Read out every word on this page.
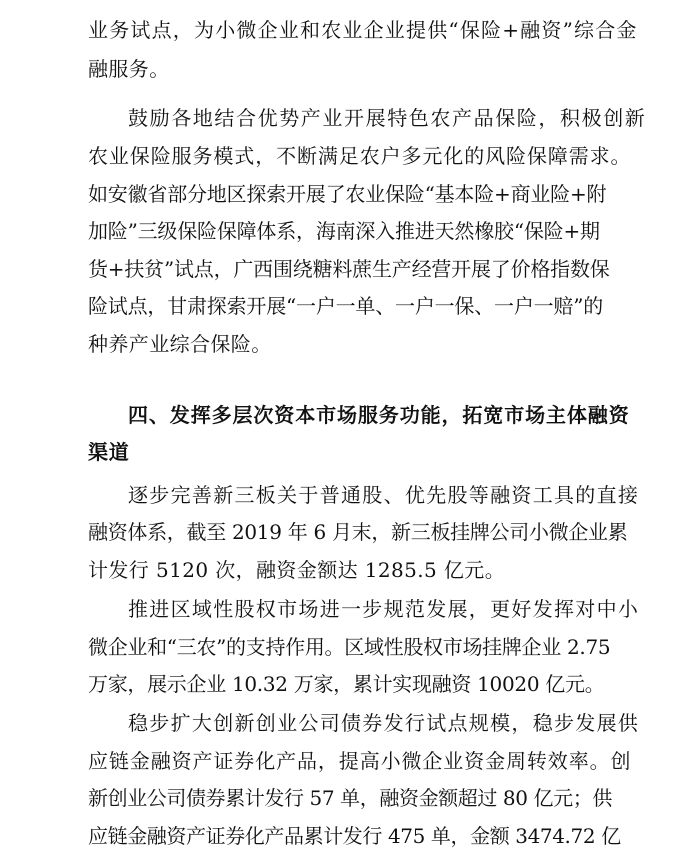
业务试点，为小微企业和农业企业提供“保险+融资”综合金
融服务。
鼓励各地结合优势产业开展特色农产品保险，积极创新
农业保险服务模式，不断满足农户多元化的风险保障需求。
如安徽省部分地区探索开展了农业保险“基本险+商业险+附
加险”三级保险保障体系，海南深入推进天然橡胶“保险+期
货+扶贫”试点，广西围绕糖料蔗生产经营开展了价格指数保
险试点，甘肃探索开展“一户一单、一户一保、一户一赔”的
种养产业综合保险。
四、发挥多层次资本市场服务功能，拓宽市场主体融资
渠道
逐步完善新三板关于普通股、优先股等融资工具的直接
融资体系，截至 2019 年 6 月末，新三板挂牌公司小微企业累
计发行 5120 次，融资金额达 1285.5 亿元。
推进区域性股权市场进一步规范发展，更好发挥对中小
微企业和“三农”的支持作用。区域性股权市场挂牌企业 2.75
万家，展示企业 10.32 万家，累计实现融资 10020 亿元。
稳步扩大创新创业公司债券发行试点规模，稳步发展供
应链金融资产证券化产品，提高小微企业资金周转效率。创
新创业公司债券累计发行 57 单，融资金额超过 80 亿元；供
应链金融资产证券化产品累计发行 475 单，金额 3474.72 亿
